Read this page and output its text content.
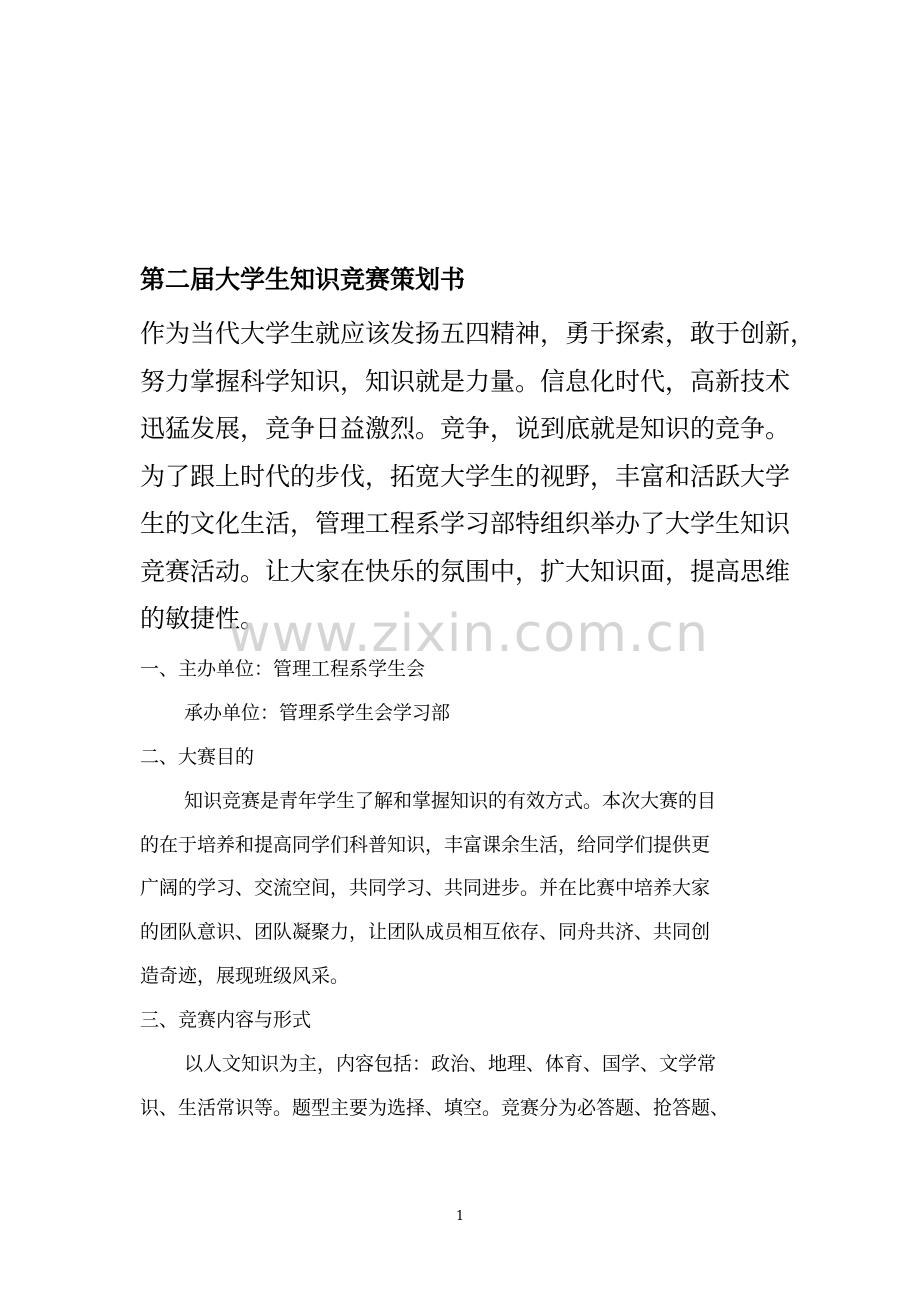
第二届大学生知识竞赛策划书
作为当代大学生就应该发扬五四精神，勇于探索，敢于创新，
努力掌握科学知识，知识就是力量。信息化时代，高新技术
迅猛发展，竞争日益激烈。竞争，说到底就是知识的竞争。
为了跟上时代的步伐，拓宽大学生的视野，丰富和活跃大学
生的文化生活，管理工程系学习部特组织举办了大学生知识
竞赛活动。让大家在快乐的氛围中，扩大知识面，提高思维
的敏捷性。
www.zixin.com.cn
一、主办单位：管理工程系学生会
承办单位：管理系学生会学习部
二、大赛目的
知识竞赛是青年学生了解和掌握知识的有效方式。本次大赛的目
的在于培养和提高同学们科普知识，丰富课余生活，给同学们提供更
广阔的学习、交流空间，共同学习、共同进步。并在比赛中培养大家
的团队意识、团队凝聚力，让团队成员相互依存、同舟共济、共同创
造奇迹，展现班级风采。
三、竞赛内容与形式
以人文知识为主，内容包括：政治、地理、体育、国学、文学常
识、生活常识等。题型主要为选择、填空。竞赛分为必答题、抢答题、
1
